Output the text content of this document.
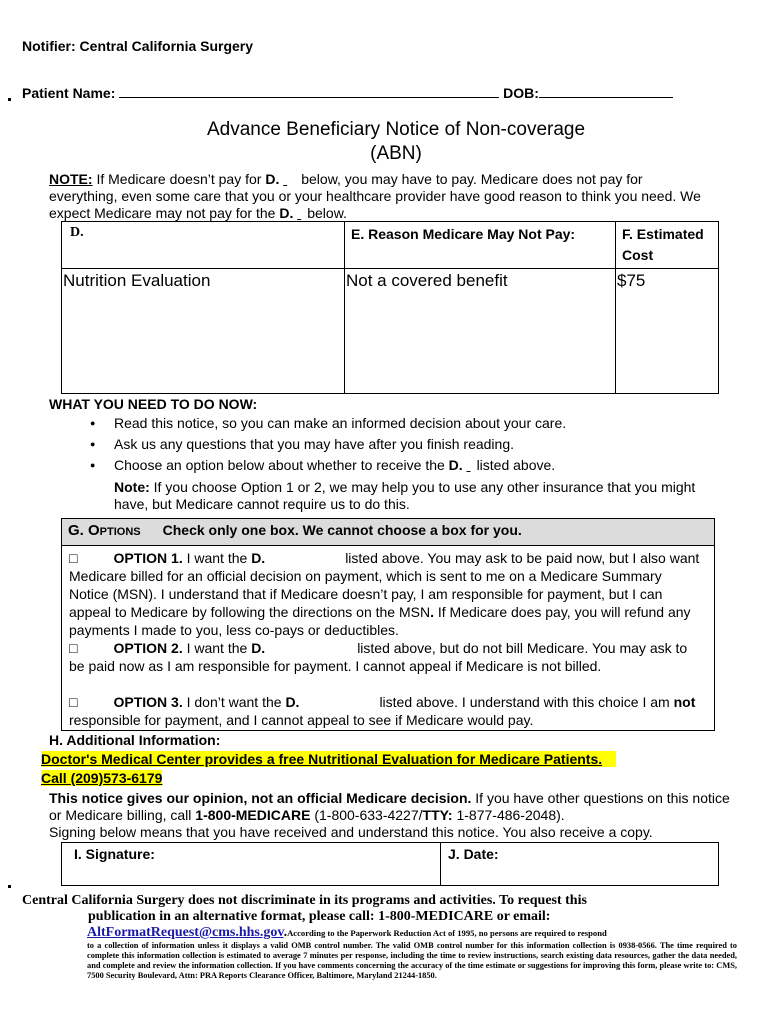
Notifier: Central California Surgery
Patient Name:	DOB:
Advance Beneficiary Notice of Non-coverage
(ABN)
NOTE: If Medicare doesn’t pay for D. below, you may have to pay. Medicare does not pay for everything, even some care that you or your healthcare provider have good reason to think you need. We expect Medicare may not pay for the D. below.
D.	E. Reason Medicare May Not Pay:	F. Estimated Cost
Nutrition Evaluation	Not a covered benefit	$75
WHAT YOU NEED TO DO NOW:
● Read this notice, so you can make an informed decision about your care.
● Ask us any questions that you may have after you finish reading.
● Choose an option below about whether to receive the D. listed above.
Note: If you choose Option 1 or 2, we may help you to use any other insurance that you might have, but Medicare cannot require us to do this.
G. Options Check only one box. We cannot choose a box for you.
□	OPTION 1. I want the D.	listed above. You may ask to be paid now, but I also want Medicare billed for an official decision on payment, which is sent to me on a Medicare Summary Notice (MSN). I understand that if Medicare doesn’t pay, I am responsible for payment, but I can appeal to Medicare by following the directions on the MSN. If Medicare does pay, you will refund any payments I made to you, less co-pays or deductibles.
□	OPTION 2. I want the D.	listed above, but do not bill Medicare. You may ask to be paid now as I am responsible for payment. I cannot appeal if Medicare is not billed.
□	OPTION 3. I don’t want the D.	listed above. I understand with this choice I am not responsible for payment, and I cannot appeal to see if Medicare would pay.
H. Additional Information:
Doctor's Medical Center provides a free Nutritional Evaluation for Medicare Patients.
Call (209)573-6179
This notice gives our opinion, not an official Medicare decision. If you have other questions on this notice or Medicare billing, call 1-800-MEDICARE (1-800-633-4227/TTY: 1-877-486-2048).
Signing below means that you have received and understand this notice. You also receive a copy.
I. Signature:	J. Date:
Central California Surgery does not discriminate in its programs and activities. To request this
publication in an alternative format, please call: 1-800-MEDICARE or email:
AltFormatRequest@cms.hhs.gov.According to the Paperwork Reduction Act of 1995, no persons are required to respond
to a collection of information unless it displays a valid OMB control number. The valid OMB control number for this information collection is 0938-0566. The time required to complete this information collection is estimated to average 7 minutes per response, including the time to review instructions, search existing data resources, gather the data needed, and complete and review the information collection. If you have comments concerning the accuracy of the time estimate or suggestions for improving this form, please write to: CMS, 7500 Security Boulevard, Attn: PRA Reports Clearance Officer, Baltimore, Maryland 21244-1850.
